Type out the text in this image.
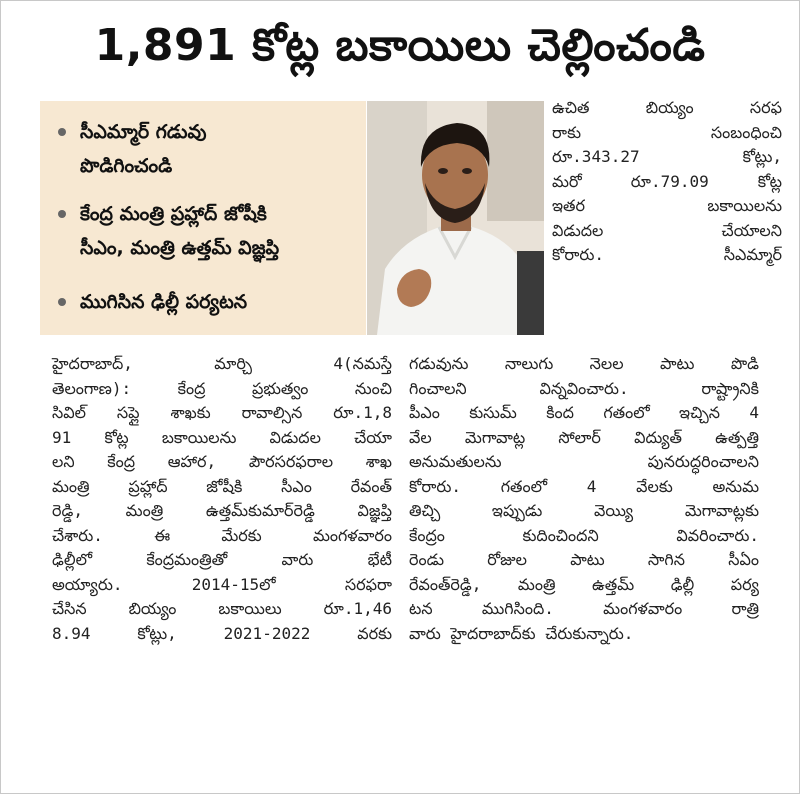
1,891 కోట్ల బకాయిలు చెల్లించండి
సీఎమ్మార్ గడువు
పొడిగించండి
కేంద్ర మంత్రి ప్రహ్లాద్ జోషీకి
సీఎం, మంత్రి ఉత్తమ్ విజ్ఞప్తి
ముగిసిన ఢిల్లీ పర్యటన
ఉచిత బియ్యం సరఫ
రాకు సంబంధించి
రూ.343.27 కోట్లు,
మరో రూ.79.09 కోట్ల
ఇతర బకాయిలను
విడుదల చేయాలని
కోరారు. సీఎమ్మార్
హైదరాబాద్, మార్చి 4(నమస్తే
తెలంగాణ): కేంద్ర ప్రభుత్వం నుంచి
సివిల్ సప్లై శాఖకు రావాల్సిన రూ.1,8
91 కోట్ల బకాయిలను విడుదల చేయా
లని కేంద్ర ఆహార, పౌరసరఫరాల శాఖ
మంత్రి ప్రహ్లాద్ జోషీకి సీఎం రేవంత్
రెడ్డి, మంత్రి ఉత్తమ్‌కుమార్‌రెడ్డి విజ్ఞప్తి
చేశారు. ఈ మేరకు మంగళవారం
ఢిల్లీలో కేంద్రమంత్రితో వారు భేటీ
అయ్యారు. 2014-15లో సరఫరా
చేసిన బియ్యం బకాయిలు రూ.1,46
8.94 కోట్లు, 2021-2022 వరకు
గడువును నాలుగు నెలల పాటు పొడి
గించాలని విన్నవించారు. రాష్ట్రానికి
పీఎం కుసుమ్ కింద గతంలో ఇచ్చిన 4
వేల మెగావాట్ల సోలార్ విద్యుత్ ఉత్పత్తి
అనుమతులను పునరుద్ధరించాలని
కోరారు. గతంలో 4 వేలకు అనుమ
తిచ్చి ఇప్పుడు వెయ్యి మెగావాట్లకు
కేంద్రం కుదించిందని వివరించారు.
రెండు రోజుల పాటు సాగిన సీఏం
రేవంత్‌రెడ్డి, మంత్రి ఉత్తమ్ ఢిల్లీ పర్య
టన ముగిసింది. మంగళవారం రాత్రి
వారు హైదరాబాద్‌కు చేరుకున్నారు.
